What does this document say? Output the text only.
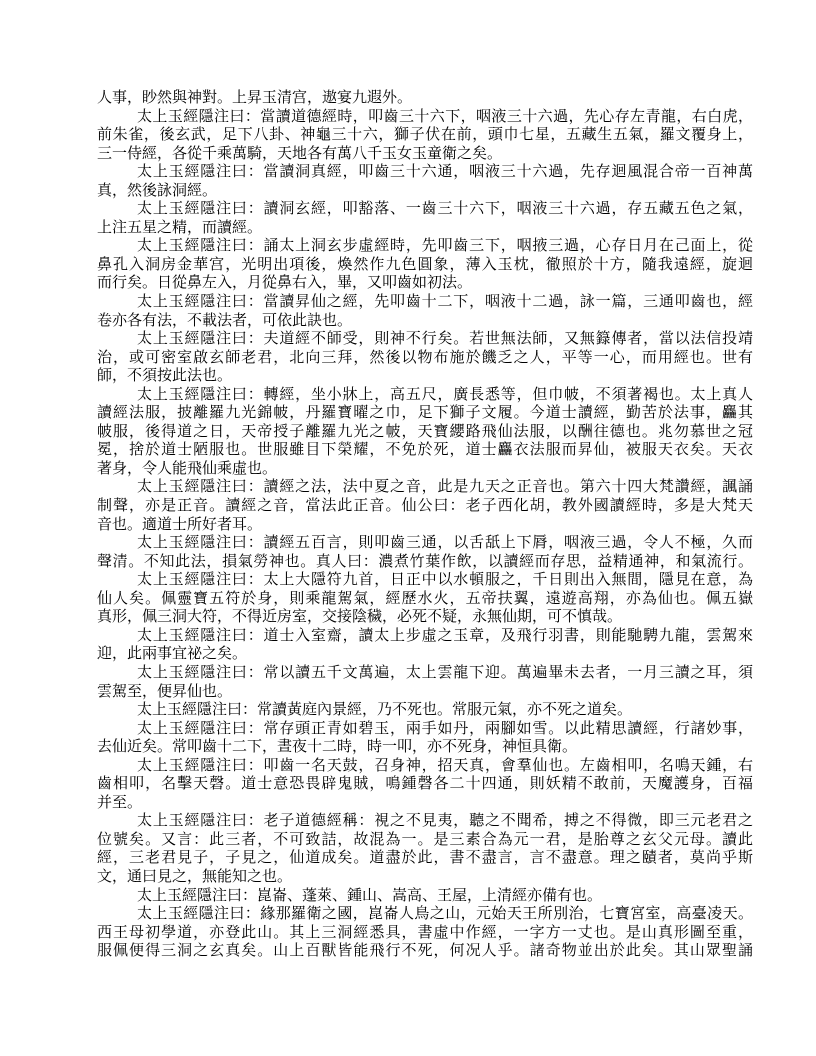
人事，眇然與神對。上昇玉清宫，遨宴九遐外。
太上玉經隱注曰：當讀道德經時，叩齒三十六下，咽液三十六過，先心存左青龍，右白虎，
前朱雀，後玄武，足下八卦、神龜三十六，獅子伏在前，頭巾七星，五藏生五氣，羅文覆身上，
三一侍經，各從千乘萬騎，天地各有萬八千玉女玉童衛之矣。
太上玉經隱注曰：當讀洞真經，叩齒三十六通，咽液三十六過，先存迴風混合帝一百神萬
真，然後詠洞經。
太上玉經隱注曰：讀洞玄經，叩豁落、一齒三十六下，咽液三十六過，存五藏五色之氣，
上注五星之精，而讀經。
太上玉經隱注曰：誦太上洞玄步虛經時，先叩齒三下，咽掖三過，心存日月在己面上，從
鼻孔入洞房金華宫，光明出項後，煥然作九色圓象，薄入玉枕，徹照於十方，隨我遠經，旋迴
而行矣。日從鼻左入，月從鼻右入，畢，又叩齒如初法。
太上玉經隱注曰：當讀昇仙之經，先叩齒十二下，咽液十二過，詠一篇，三通叩齒也，經
卷亦各有法，不載法者，可依此訣也。
太上玉經隱注曰：夫道經不師受，則神不行矣。若世無法師，又無籙傳者，當以法信投靖
治，或可密室啟玄師老君，北向三拜，然後以物布施於饑乏之人，平等一心，而用經也。世有
師，不須按此法也。
太上玉經隱注曰：轉經，坐小牀上，高五尺，廣長悉等，但巾帔，不須著褐也。太上真人
讀經法服，披離羅九光錦帔，丹羅寶曜之巾，足下獅子文履。今道士讀經，勤苦於法事，麤其
帔服，後得道之日，天帝授子離羅九光之帔，天寶纓路飛仙法服，以酬往德也。兆勿慕世之冠
冕，捨於道士陋服也。世服雖目下榮耀，不免於死，道士麤衣法服而昇仙，被服天衣矣。天衣
著身，令人能飛仙乘虛也。
太上玉經隱注曰：讀經之法，法中夏之音，此是九天之正音也。第六十四大梵讚經，諷誦
制聲，亦是正音。讀經之音，當法此正音。仙公曰：老子西化胡，教外國讀經時，多是大梵天
音也。適道士所好者耳。
太上玉經隱注曰：讀經五百言，則叩齒三通，以舌舐上下脣，咽液三過，令人不極，久而
聲清。不知此法，損氣勞神也。真人曰：濃煮竹葉作飲，以讀經而存思，益精通神，和氣流行。
太上玉經隱注曰：太上大隱符九首，日正中以水頓服之，千日則出入無間，隱見在意，為
仙人矣。佩靈寶五符於身，則乘龍駕氣，經歷水火，五帝扶翼，遠遊高翔，亦為仙也。佩五嶽
真形，佩三洞大符，不得近房室，交接陰穢，必死不疑，永無仙期，可不慎哉。
太上玉經隱注曰：道士入室齋，讀太上步虛之玉章，及飛行羽書，則能馳騁九龍，雲駕來
迎，此兩事宜祕之矣。
太上玉經隱注曰：常以讀五千文萬遍，太上雲龍下迎。萬遍畢未去者，一月三讀之耳，須
雲駕至，便昇仙也。
太上玉經隱注曰：常讀黃庭內景經，乃不死也。常服元氣，亦不死之道矣。
太上玉經隱注曰：常存頭正青如碧玉，兩手如丹，兩腳如雪。以此精思讀經，行諸妙事，
去仙近矣。常叩齒十二下，晝夜十二時，時一叩，亦不死身，神恒具衛。
太上玉經隱注曰：叩齒一名天鼓，召身神，招天真，會羣仙也。左齒相叩，名鳴天鍾，右
齒相叩，名擊天磬。道士意恐畏辟鬼賊，鳴鍾磬各二十四通，則妖精不敢前，天魔護身，百福
并至。
太上玉經隱注曰：老子道德經稱：視之不見夷，聽之不聞希，搏之不得微，即三元老君之
位號矣。又言：此三者，不可致詰，故混為一。是三素合為元一君，是胎尊之玄父元母。讀此
經，三老君見子，子見之，仙道成矣。道盡於此，書不盡言，言不盡意。理之賾者，莫尚乎斯
文，通曰見之，無能知之也。
太上玉經隱注曰：崑崙、蓬萊、鍾山、嵩高、王屋，上清經亦備有也。
太上玉經隱注曰：緣那羅衛之國，崑崙人鳥之山，元始天王所別治，七寶宮室，高臺凌天。
西王母初學道，亦登此山。其上三洞經悉具，書虛中作經，一字方一丈也。是山真形圖至重，
服佩便得三洞之玄真矣。山上百獸皆能飛行不死，何况人乎。諸奇物並出於此矣。其山眾聖誦
